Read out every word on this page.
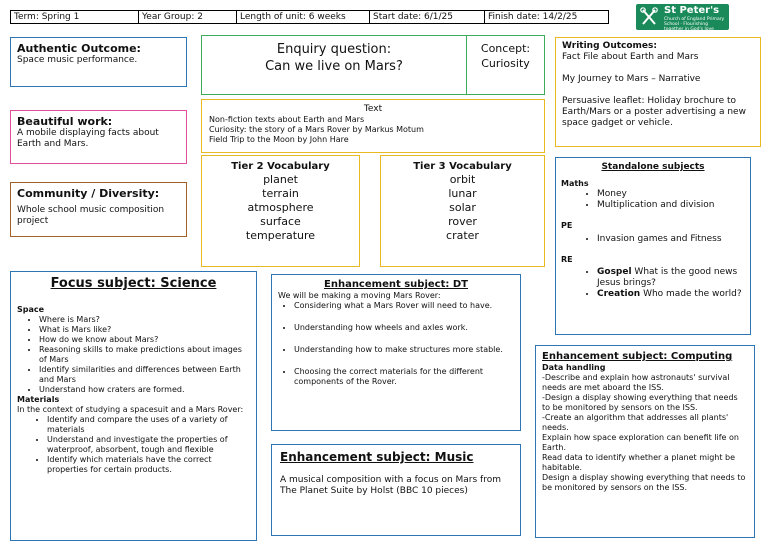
Term: Spring 1	Year Group: 2	Length of unit: 6 weeks	Start date: 6/1/25	Finish date: 14/2/25
St Peter's
Church of England Primary School · Flourishing together in God's love
Authentic Outcome:
Space music performance.
Enquiry question:
Can we live on Mars?
Concept:
Curiosity
Writing Outcomes:
Fact File about Earth and Mars
My Journey to Mars – Narrative
Persuasive leaflet: Holiday brochure to Earth/Mars or a poster advertising a new space gadget or vehicle.
Beautiful work:
A mobile displaying facts about Earth and Mars.
Text
Non-fiction texts about Earth and Mars
Curiosity: the story of a Mars Rover by Markus Motum
Field Trip to the Moon by John Hare
Tier 2 Vocabulary
planet
terrain
atmosphere
surface
temperature
Tier 3 Vocabulary
orbit
lunar
solar
rover
crater
Community / Diversity:
Whole school music composition project
Standalone subjects
Maths
• Money
• Multiplication and division
PE
• Invasion games and Fitness
RE
• Gospel What is the good news Jesus brings?
• Creation Who made the world?
Focus subject: Science
Space
• Where is Mars?
• What is Mars like?
• How do we know about Mars?
• Reasoning skills to make predictions about images of Mars
• Identify similarities and differences between Earth and Mars
• Understand how craters are formed.
Materials
In the context of studying a spacesuit and a Mars Rover:
• Identify and compare the uses of a variety of materials
• Understand and investigate the properties of waterproof, absorbent, tough and flexible
• Identify which materials have the correct properties for certain products.
Enhancement subject: DT
We will be making a moving Mars Rover:
• Considering what a Mars Rover will need to have.
• Understanding how wheels and axles work.
• Understanding how to make structures more stable.
• Choosing the correct materials for the different components of the Rover.
Enhancement subject: Computing
Data handling
-Describe and explain how astronauts' survival needs are met aboard the ISS.
-Design a display showing everything that needs to be monitored by sensors on the ISS.
-Create an algorithm that addresses all plants' needs.
Explain how space exploration can benefit life on Earth.
Read data to identify whether a planet might be habitable.
Design a display showing everything that needs to be monitored by sensors on the ISS.
Enhancement subject: Music
A musical composition with a focus on Mars from The Planet Suite by Holst (BBC 10 pieces)
